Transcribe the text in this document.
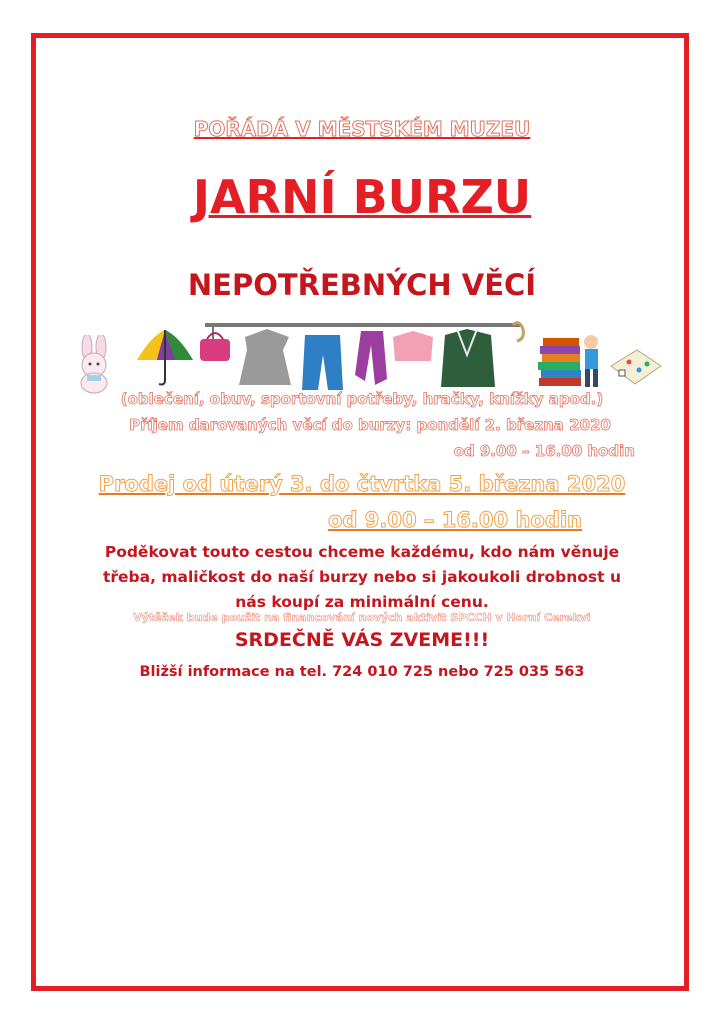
POŘÁDÁ V MĚSTSKÉM MUZEU

JARNÍ BURZU

NEPOTŘEBNÝCH VĚCÍ

(oblečení, obuv, sportovní potřeby, hračky, knížky apod.)

Příjem darovaných věcí do burzy: pondělí 2. března 2020

od 9.00 – 16.00 hodin

Prodej od úterý 3. do čtvrtka 5. března 2020

od 9.00 – 16.00 hodin

Poděkovat touto cestou chceme každému, kdo nám věnuje třeba, maličkost do naší burzy nebo si jakoukoli drobnost u nás koupí za minimální cenu.

Výtěžek bude použit na financování nových aktivit SPCCH v Horní Cerekvi

SRDEČNĚ VÁS ZVEME!!!

Bližší informace na tel. 724 010 725 nebo 725 035 563
